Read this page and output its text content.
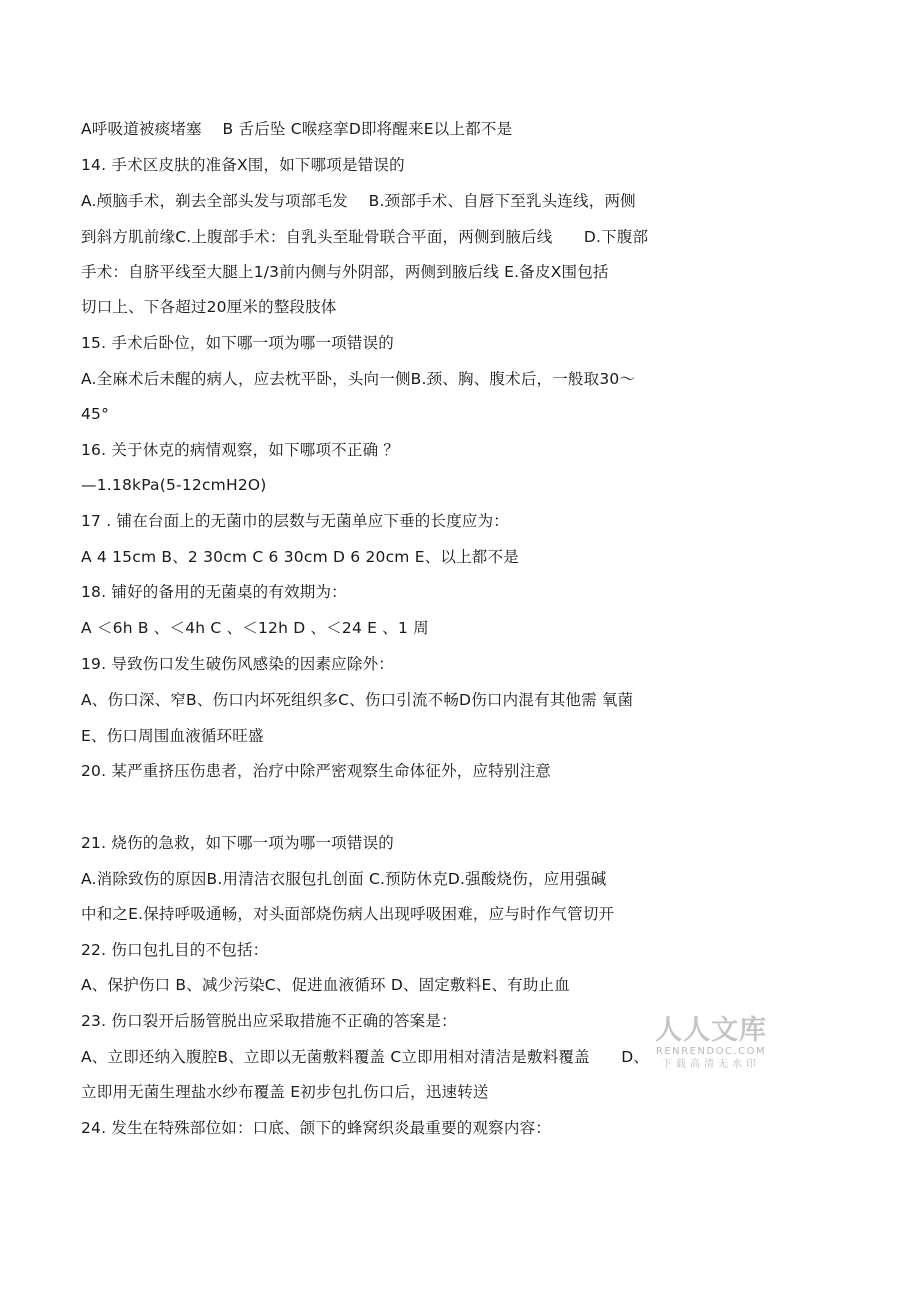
A呼吸道被痰堵塞　 B 舌后坠 C喉痉挛D即将醒来E以上都不是
14. 手术区皮肤的准备X围，如下哪项是错误的
A.颅脑手术，剃去全部头发与项部毛发　 B.颈部手术、自唇下至乳头连线，两侧
到斜方肌前缘C.上腹部手术：自乳头至耻骨联合平面，两侧到腋后线　　D.下腹部
手术：自脐平线至大腿上1/3前内侧与外阴部，两侧到腋后线 E.备皮X围包括
切口上、下各超过20厘米的整段肢体
15. 手术后卧位，如下哪一项为哪一项错误的
A.全麻术后未醒的病人，应去枕平卧，头向一侧B.颈、胸、腹术后，一般取30～
45°
16. 关于休克的病情观察，如下哪项不正确 ？
—1.18kPa(5-12cmH2O)
17 . 铺在台面上的无菌巾的层数与无菌单应下垂的长度应为：
A 4 15cm B、2 30cm C 6 30cm D 6 20cm E、以上都不是
18. 铺好的备用的无菌桌的有效期为：
A ＜6h B 、＜4h C 、＜12h D 、＜24 E 、1 周
19. 导致伤口发生破伤风感染的因素应除外：
A、伤口深、窄B、伤口内坏死组织多C、伤口引流不畅D伤口内混有其他需 氧菌
E、伤口周围血液循环旺盛
20. 某严重挤压伤患者，治疗中除严密观察生命体征外，应特别注意
21. 烧伤的急救，如下哪一项为哪一项错误的
A.消除致伤的原因B.用清洁衣服包扎创面 C.预防休克D.强酸烧伤，应用强碱
中和之E.保持呼吸通畅，对头面部烧伤病人出现呼吸困难，应与时作气管切开
22. 伤口包扎目的不包括：
A、保护伤口 B、减少污染C、促进血液循环 D、固定敷料E、有助止血
23. 伤口裂开后肠管脱出应采取措施不正确的答案是：
A、立即还纳入腹腔B、立即以无菌敷料覆盖 C立即用相对清洁是敷料覆盖　　D、
立即用无菌生理盐水纱布覆盖 E初步包扎伤口后，迅速转送
24. 发生在特殊部位如：口底、颌下的蜂窝织炎最重要的观察内容：
人人文库
RENRENDOC.COM
下载高清无水印
